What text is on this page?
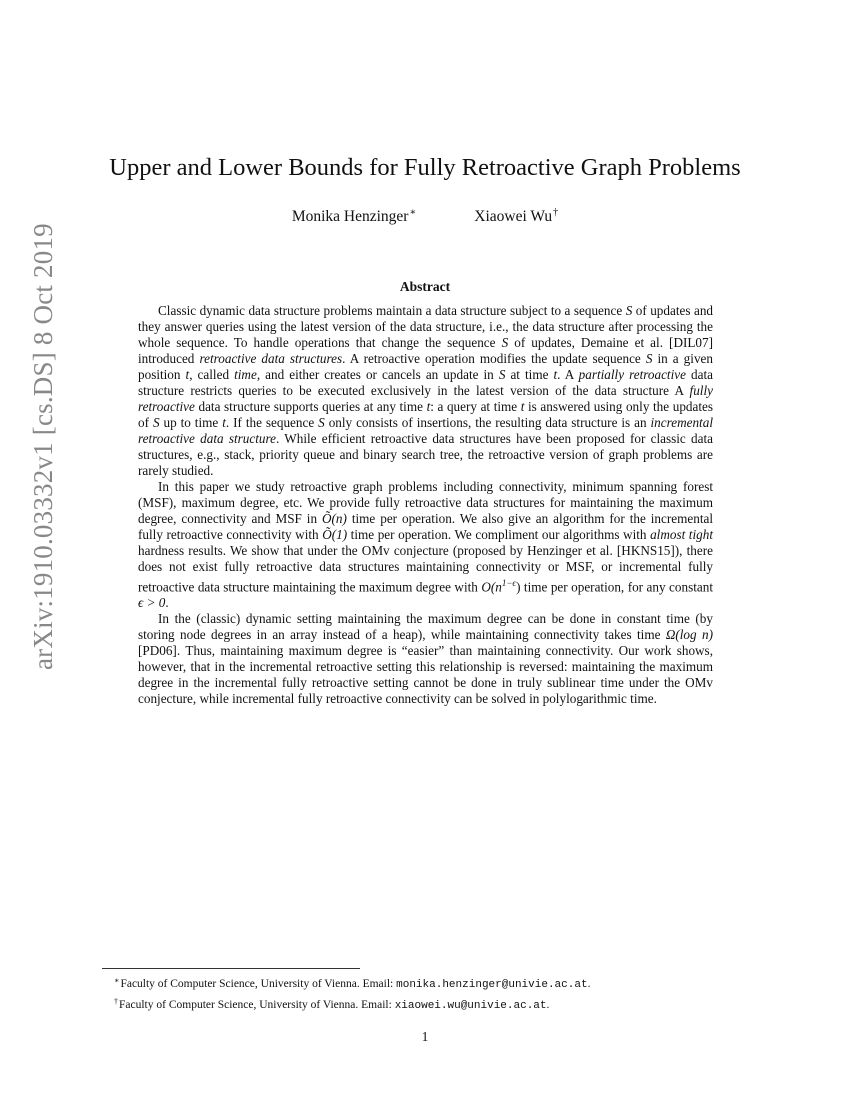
arXiv:1910.03332v1 [cs.DS] 8 Oct 2019
Upper and Lower Bounds for Fully Retroactive Graph Problems
Monika Henzinger∗	Xiaowei Wu†
Abstract

Classic dynamic data structure problems maintain a data structure subject to a sequence S of updates and they answer queries using the latest version of the data structure, i.e., the data structure after processing the whole sequence. To handle operations that change the sequence S of updates, Demaine et al. [DIL07] introduced retroactive data structures. A retroactive operation modifies the update sequence S in a given position t, called time, and either creates or cancels an update in S at time t. A partially retroactive data structure restricts queries to be executed exclusively in the latest version of the data structure A fully retroactive data structure supports queries at any time t: a query at time t is answered using only the updates of S up to time t. If the sequence S only consists of insertions, the resulting data structure is an incremental retroactive data structure. While efficient retroactive data structures have been proposed for classic data structures, e.g., stack, priority queue and binary search tree, the retroactive version of graph problems are rarely studied.

In this paper we study retroactive graph problems including connectivity, minimum spanning forest (MSF), maximum degree, etc. We provide fully retroactive data structures for maintaining the maximum degree, connectivity and MSF in Õ(n) time per operation. We also give an algorithm for the incremental fully retroactive connectivity with Õ(1) time per operation. We compliment our algorithms with almost tight hardness results. We show that under the OMv conjecture (proposed by Henzinger et al. [HKNS15]), there does not exist fully retroactive data structures maintaining connectivity or MSF, or incremental fully retroactive data structure maintaining the maximum degree with $O(n^{1-\epsilon})$ time per operation, for any constant ϵ > 0.

In the (classic) dynamic setting maintaining the maximum degree can be done in constant time (by storing node degrees in an array instead of a heap), while maintaining connectivity takes time Ω(log n) [PD06]. Thus, maintaining maximum degree is “easier” than maintaining connectivity. Our work shows, however, that in the incremental retroactive setting this relationship is reversed: maintaining the maximum degree in the incremental fully retroactive setting cannot be done in truly sublinear time under the OMv conjecture, while incremental fully retroactive connectivity can be solved in polylogarithmic time.

∗Faculty of Computer Science, University of Vienna. Email: monika.henzinger@univie.ac.at.

†Faculty of Computer Science, University of Vienna. Email: xiaowei.wu@univie.ac.at.

1
